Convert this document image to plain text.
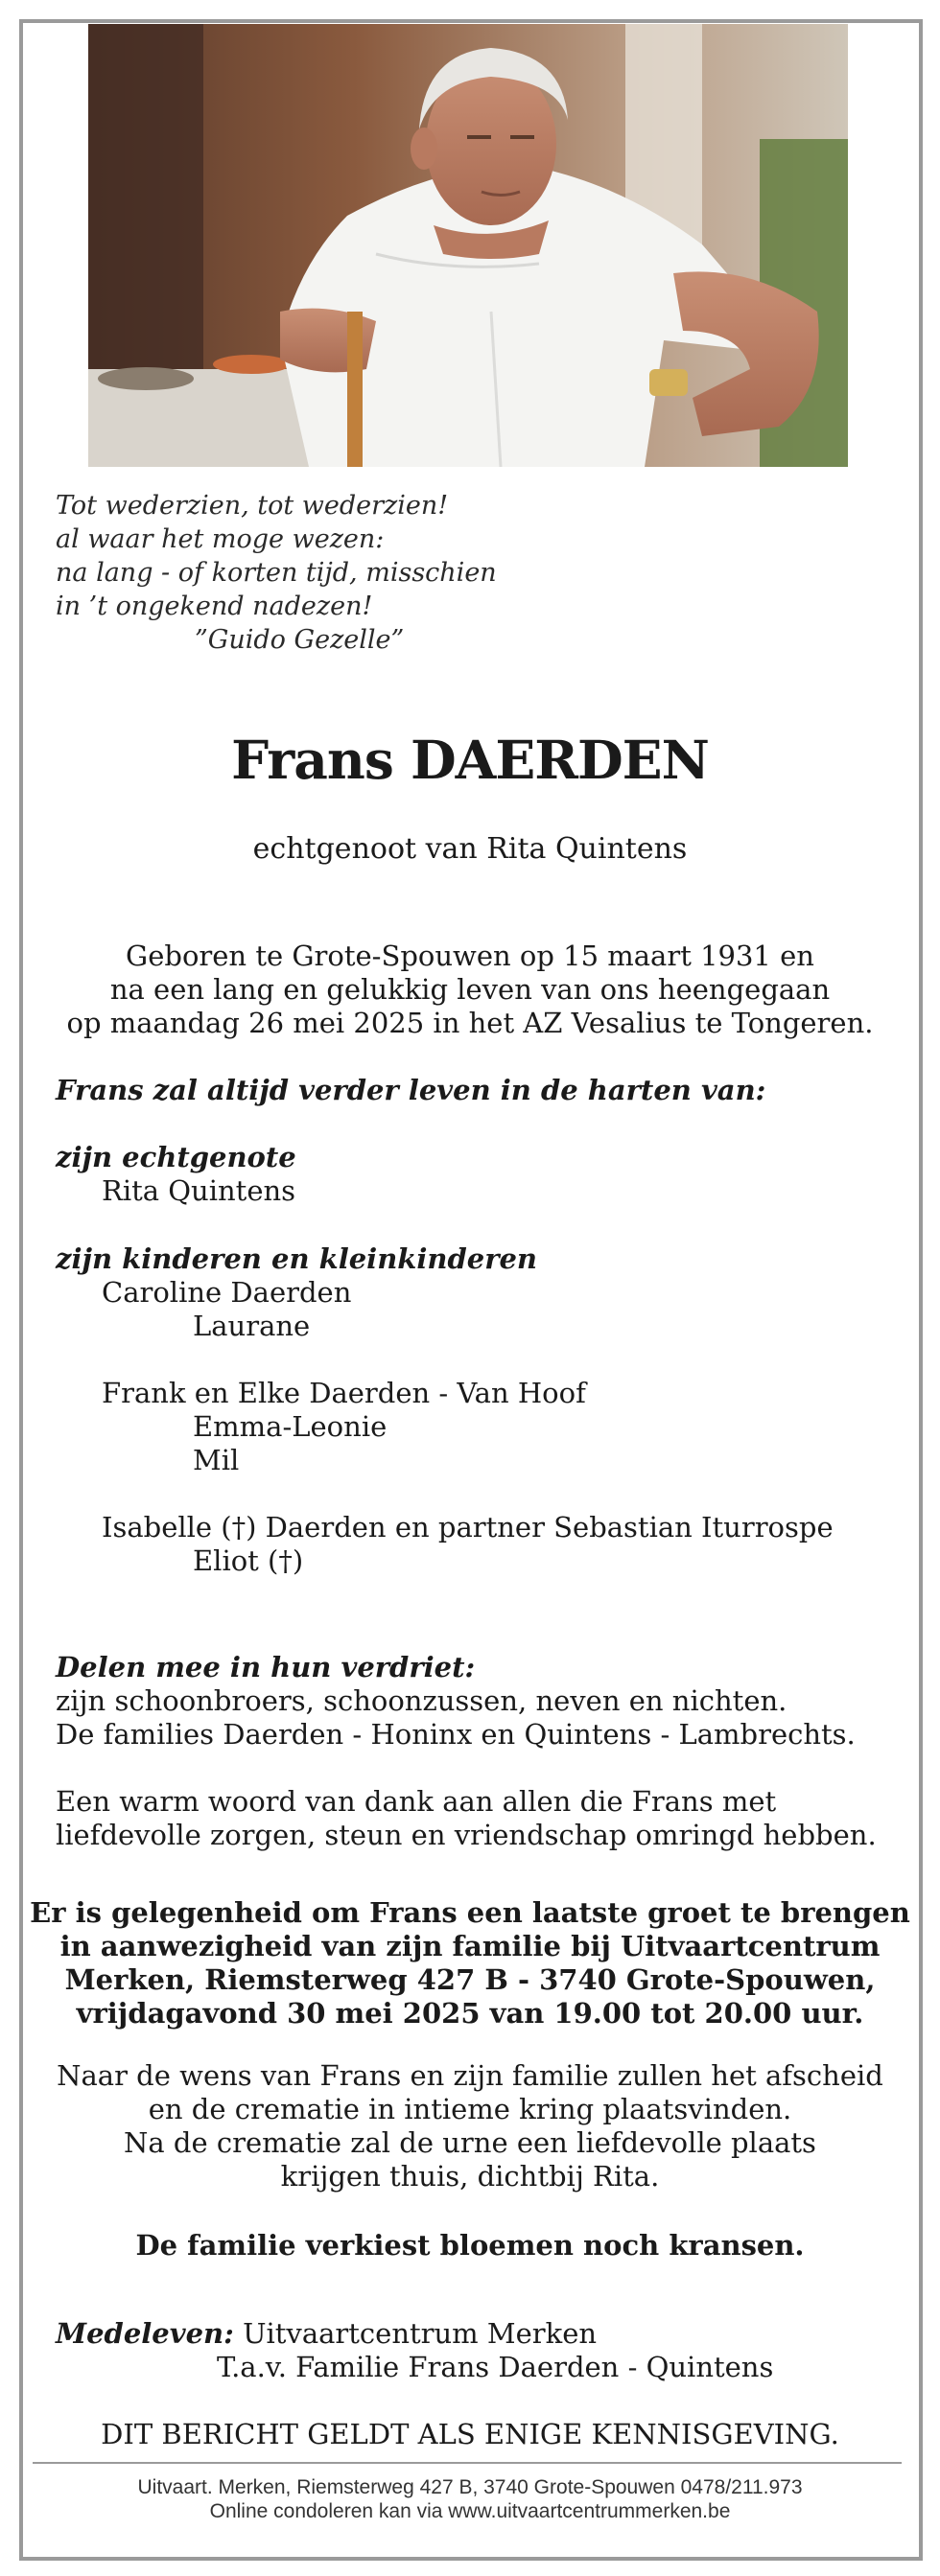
Tot wederzien, tot wederzien!
al waar het moge wezen:
na lang - of korten tijd, misschien
in ’t ongekend nadezen!
”Guido Gezelle”
Frans DAERDEN
echtgenoot van Rita Quintens
Geboren te Grote-Spouwen op 15 maart 1931 en
na een lang en gelukkig leven van ons heengegaan
op maandag 26 mei 2025 in het AZ Vesalius te Tongeren.
Frans zal altijd verder leven in de harten van:
zijn echtgenote
Rita Quintens
zijn kinderen en kleinkinderen
Caroline Daerden
Laurane
Frank en Elke Daerden - Van Hoof
Emma-Leonie
Mil
Isabelle (†) Daerden en partner Sebastian Iturrospe
Eliot (†)
Delen mee in hun verdriet:
zijn schoonbroers, schoonzussen, neven en nichten.
De families Daerden - Honinx en Quintens - Lambrechts.
Een warm woord van dank aan allen die Frans met
liefdevolle zorgen, steun en vriendschap omringd hebben.
Er is gelegenheid om Frans een laatste groet te brengen
in aanwezigheid van zijn familie bij Uitvaartcentrum
Merken, Riemsterweg 427 B - 3740 Grote-Spouwen,
vrijdagavond 30 mei 2025 van 19.00 tot 20.00 uur.
Naar de wens van Frans en zijn familie zullen het afscheid
en de crematie in intieme kring plaatsvinden.
Na de crematie zal de urne een liefdevolle plaats
krijgen thuis, dichtbij Rita.
De familie verkiest bloemen noch kransen.
Medeleven: Uitvaartcentrum Merken
T.a.v. Familie Frans Daerden - Quintens
DIT BERICHT GELDT ALS ENIGE KENNISGEVING.
Uitvaart. Merken, Riemsterweg 427 B, 3740 Grote-Spouwen 0478/211.973
Online condoleren kan via www.uitvaartcentrummerken.be
